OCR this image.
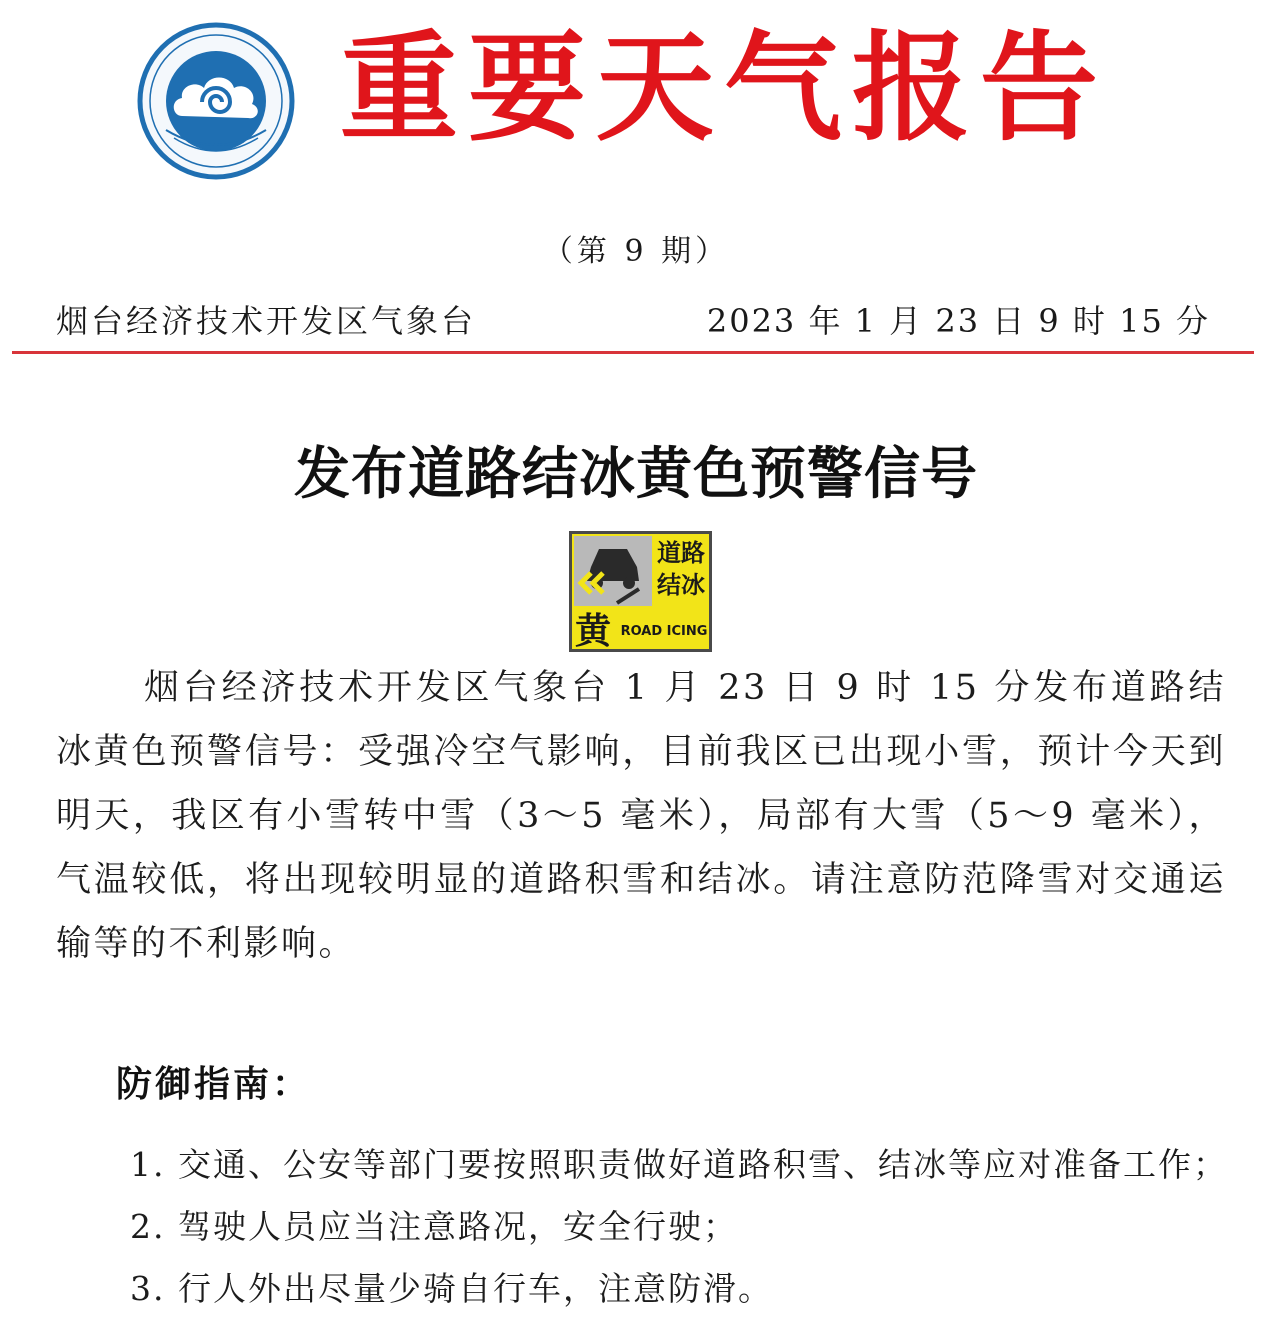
重要天气报告
（第 9 期）
烟台经济技术开发区气象台	2023 年 1 月 23 日 9 时 15 分
发布道路结冰黄色预警信号
道路
结冰
黄 ROAD ICING

烟台经济技术开发区气象台 1 月 23 日 9 时 15 分发布道路结冰黄色预警信号：受强冷空气影响，目前我区已出现小雪，预计今天到明天，我区有小雪转中雪（3～5 毫米），局部有大雪（5～9 毫米），气温较低，将出现较明显的道路积雪和结冰。请注意防范降雪对交通运输等的不利影响。

防御指南：
1. 交通、公安等部门要按照职责做好道路积雪、结冰等应对准备工作；
2. 驾驶人员应当注意路况，安全行驶；
3. 行人外出尽量少骑自行车，注意防滑。
